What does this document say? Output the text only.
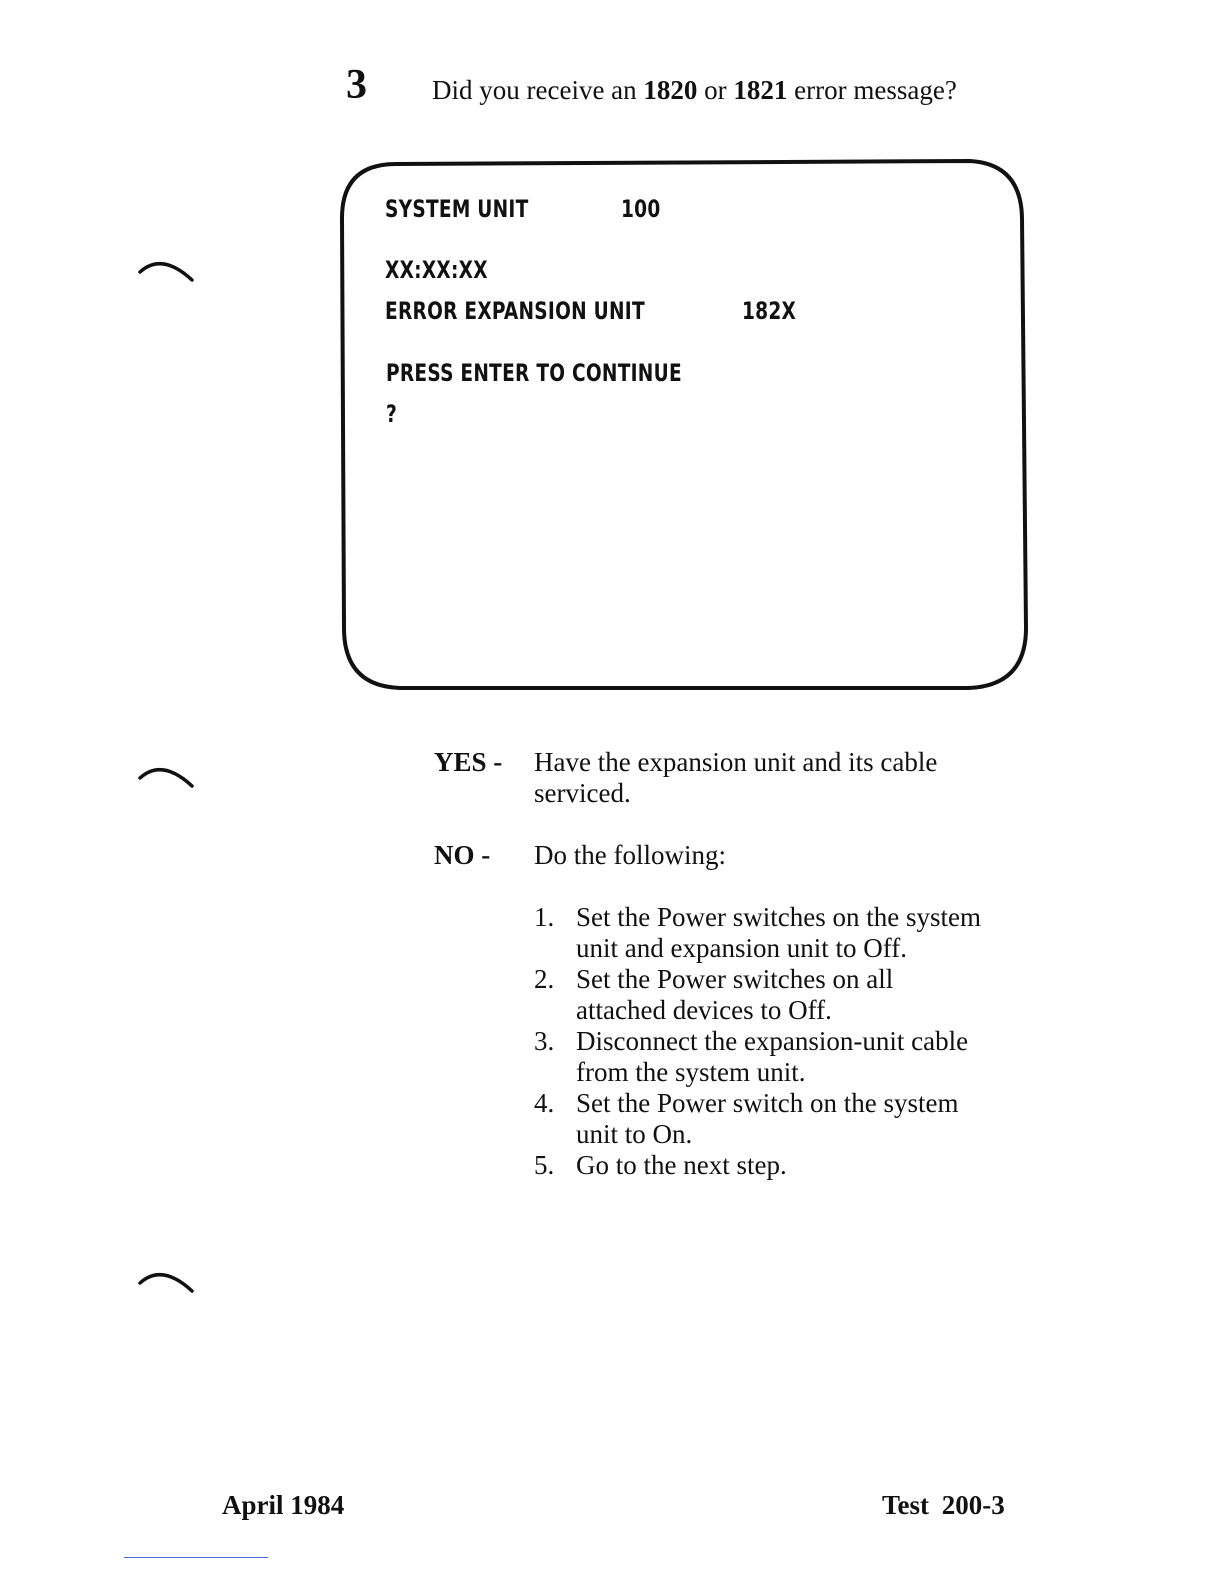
3 Did you receive an 1820 or 1821 error message?
SYSTEM UNIT	100
XX:XX:XX
ERROR EXPANSION UNIT	182X
PRESS ENTER TO CONTINUE
?
YES - Have the expansion unit and its cable
serviced.
NO - Do the following:
1. Set the Power switches on the system
unit and expansion unit to Off.
2. Set the Power switches on all
attached devices to Off.
3. Disconnect the expansion-unit cable
from the system unit.
4. Set the Power switch on the system
unit to On.
5. Go to the next step.
April 1984	Test 200-3
